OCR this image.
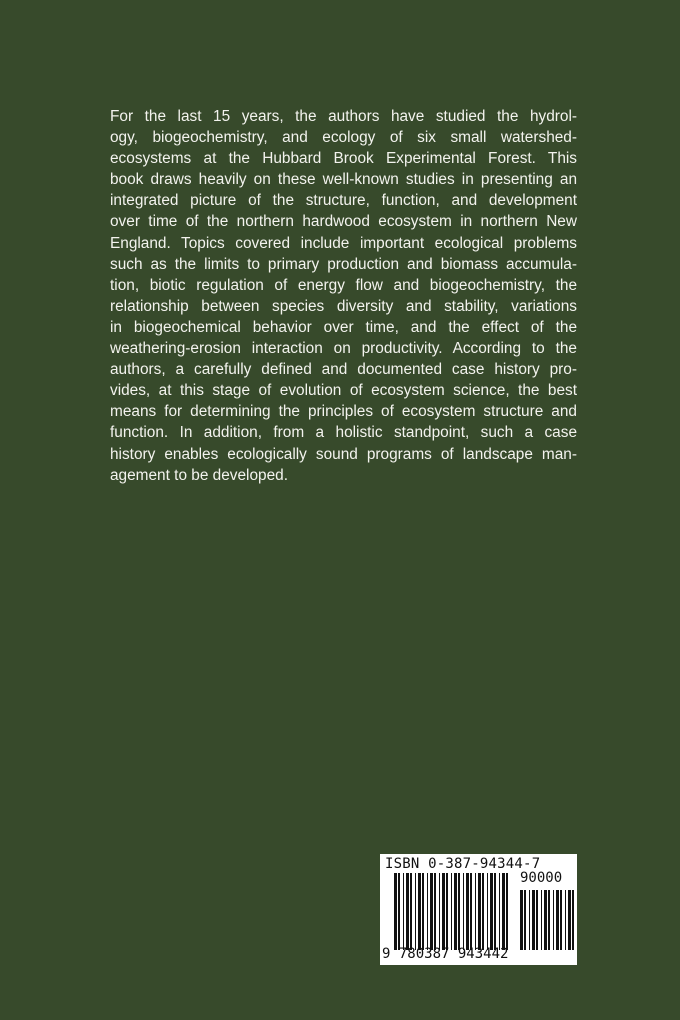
For the last 15 years, the authors have studied the hydrol-
ogy, biogeochemistry, and ecology of six small watershed-
ecosystems at the Hubbard Brook Experimental Forest. This
book draws heavily on these well-known studies in presenting an
integrated picture of the structure, function, and development
over time of the northern hardwood ecosystem in northern New
England. Topics covered include important ecological problems
such as the limits to primary production and biomass accumula-
tion, biotic regulation of energy flow and biogeochemistry, the
relationship between species diversity and stability, variations
in biogeochemical behavior over time, and the effect of the
weathering-erosion interaction on productivity. According to the
authors, a carefully defined and documented case history pro-
vides, at this stage of evolution of ecosystem science, the best
means for determining the principles of ecosystem structure and
function. In addition, from a holistic standpoint, such a case
history enables ecologically sound programs of landscape man-
agement to be developed.
ISBN 0-387-94344-7
90000
9 780387 943442
